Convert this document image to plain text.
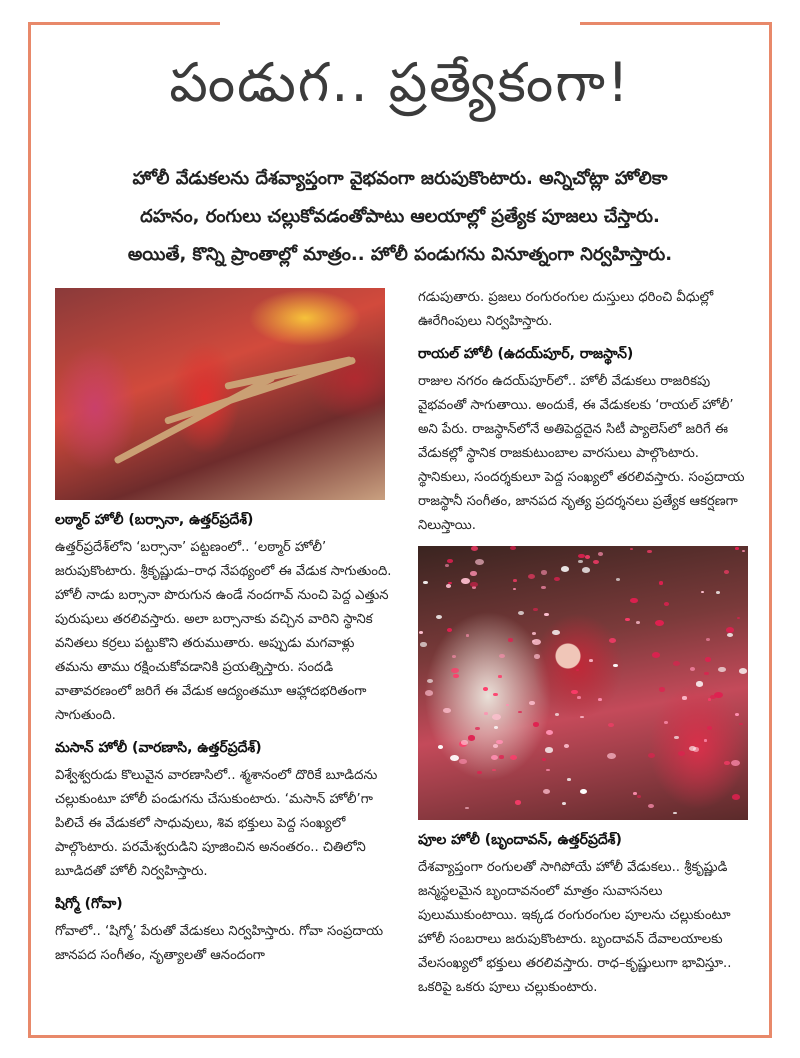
పండుగ.. ప్రత్యేకంగా!

హోలీ వేడుకలను దేశవ్యాప్తంగా వైభవంగా జరుపుకొంటారు. అన్నిచోట్లా హోలికా

దహనం, రంగులు చల్లుకోవడంతోపాటు ఆలయాల్లో ప్రత్యేక పూజలు చేస్తారు.

అయితే, కొన్ని ప్రాంతాల్లో మాత్రం.. హోలీ పండుగను వినూత్నంగా నిర్వహిస్తారు.

లఠ్మార్ హోలీ (బర్సానా, ఉత్తర్‌ప్రదేశ్)

ఉత్తర్‌ప్రదేశ్‌లోని ‘బర్సానా’ పట్టణంలో.. ‘లఠ్మార్ హోలీ’ జరుపుకొంటారు. శ్రీకృష్ణుడు–రాధ నేపథ్యంలో ఈ వేడుక సాగుతుంది. హోలీ నాడు బర్సానా పొరుగున ఉండే నందగావ్ నుంచి పెద్ద ఎత్తున పురుషులు తరలివస్తారు. అలా బర్సానాకు వచ్చిన వారిని స్థానిక వనితలు కర్రలు పట్టుకొని తరుముతారు. అప్పుడు మగవాళ్లు తమను తాము రక్షించుకోవడానికి ప్రయత్నిస్తారు. సందడి వాతావరణంలో జరిగే ఈ వేడుక ఆద్యంతమూ ఆహ్లాదభరితంగా సాగుతుంది.

మసాన్ హోలీ (వారణాసి, ఉత్తర్‌ప్రదేశ్)

విశ్వేశ్వరుడు కొలువైన వారణాసిలో.. శ్మశానంలో దొరికే బూడిదను చల్లుకుంటూ హోలీ పండుగను చేసుకుంటారు. ‘మసాన్ హోలీ’గా పిలిచే ఈ వేడుకలో సాధువులు, శివ భక్తులు పెద్ద సంఖ్యలో పాల్గొంటారు. పరమేశ్వరుడిని పూజించిన అనంతరం.. చితిలోని బూడిదతో హోలీ నిర్వహిస్తారు.

షిగ్మో (గోవా)

గోవాలో.. ‘షిగ్మో’ పేరుతో వేడుకలు నిర్వహిస్తారు. గోవా సంప్రదాయ జానపద సంగీతం, నృత్యాలతో ఆనందంగా

గడుపుతారు. ప్రజలు రంగురంగుల దుస్తులు ధరించి వీధుల్లో ఊరేగింపులు నిర్వహిస్తారు.

రాయల్ హోలీ (ఉదయ్‌పూర్, రాజస్థాన్)

రాజుల నగరం ఉదయ్‌పూర్‌లో.. హోలీ వేడుకలు రాజరికపు వైభవంతో సాగుతాయి. అందుకే, ఈ వేడుకలకు ‘రాయల్ హోలీ’ అని పేరు. రాజస్థాన్‌లోనే అతిపెద్దదైన సిటీ ప్యాలెస్‌లో జరిగే ఈ వేడుకల్లో స్థానిక రాజకుటుంబాల వారసులు పాల్గొంటారు. స్థానికులు, సందర్శకులూ పెద్ద సంఖ్యలో తరలివస్తారు. సంప్రదాయ రాజస్థానీ సంగీతం, జానపద నృత్య ప్రదర్శనలు ప్రత్యేక ఆకర్షణగా నిలుస్తాయి.

పూల హోలీ (బృందావన్, ఉత్తర్‌ప్రదేశ్)

దేశవ్యాప్తంగా రంగులతో సాగిపోయే హోలీ వేడుకలు.. శ్రీకృష్ణుడి జన్మస్థలమైన బృందావనంలో మాత్రం సువాసనలు పులుముకుంటాయి. ఇక్కడ రంగురంగుల పూలను చల్లుకుంటూ హోలీ సంబరాలు జరుపుకొంటారు. బృందావన్ దేవాలయాలకు వేలసంఖ్యలో భక్తులు తరలివస్తారు. రాధ–కృష్ణులుగా భావిస్తూ.. ఒకరిపై ఒకరు పూలు చల్లుకుంటారు.
